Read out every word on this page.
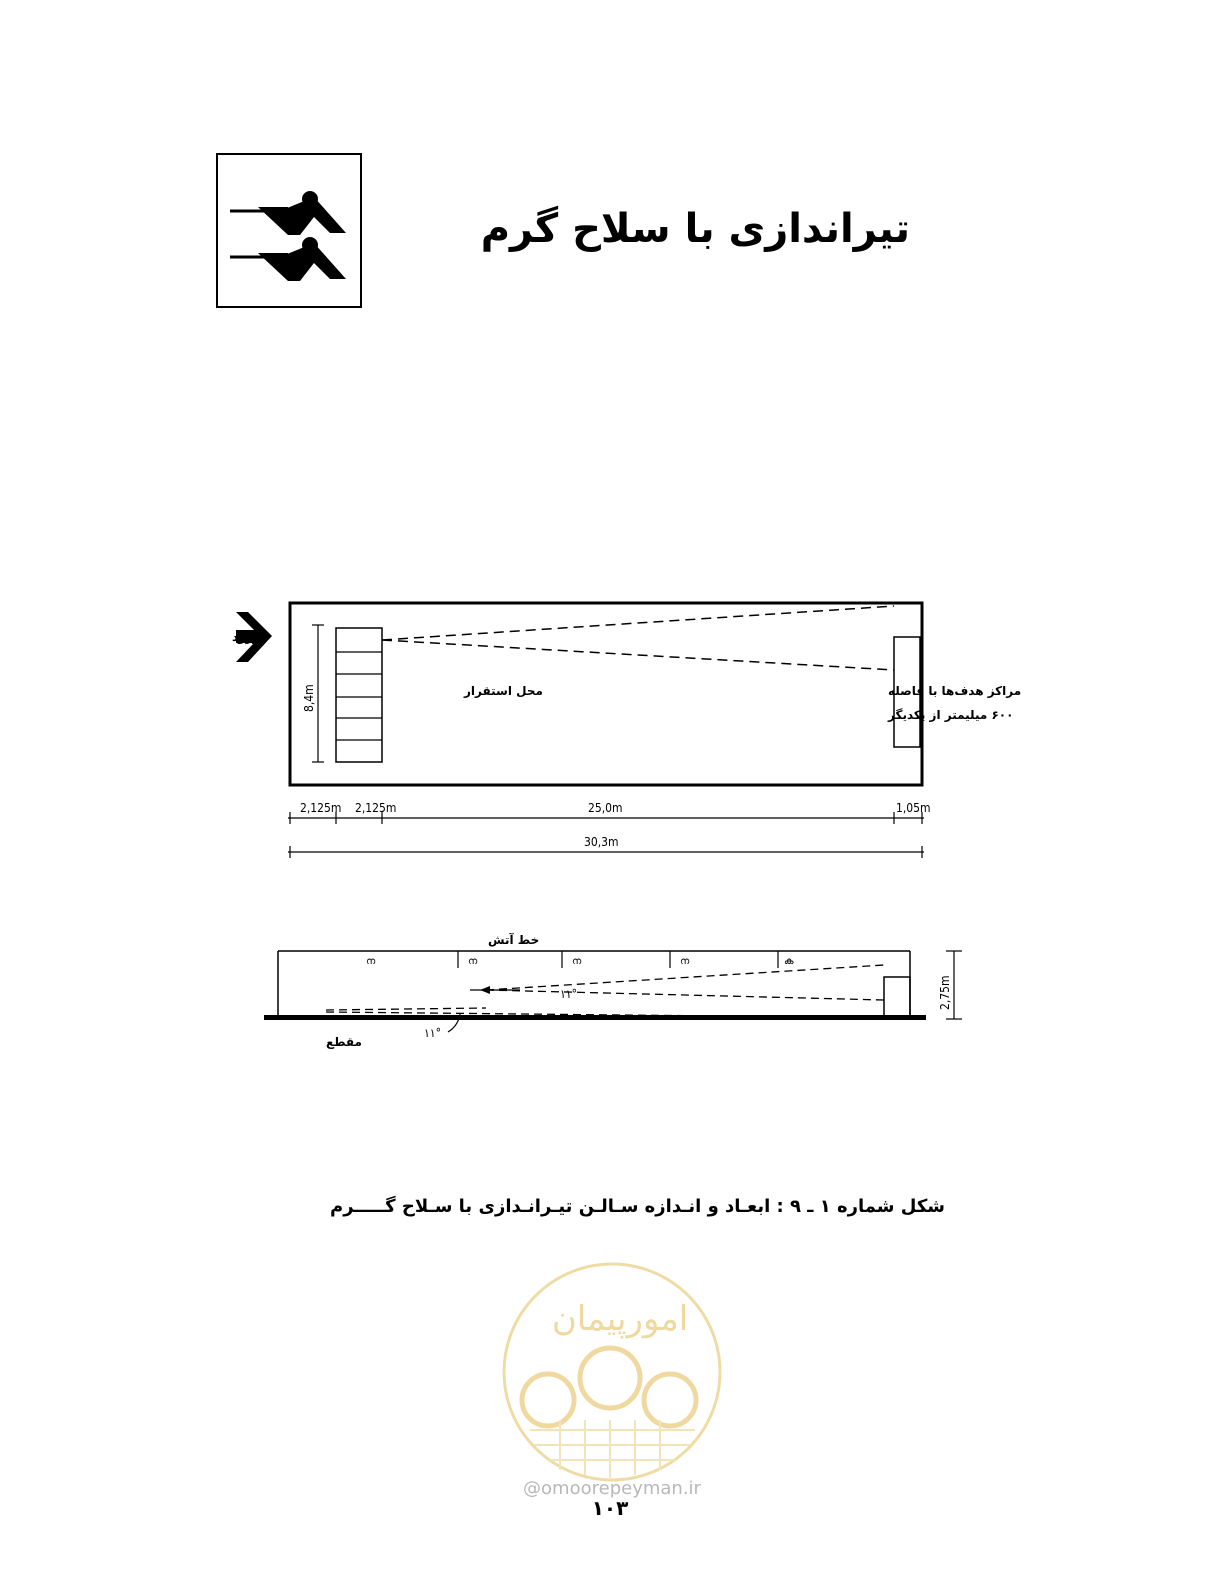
تیراندازی با سلاح گرم
ورود
8,4m	محل استقرار	مراکز هدف‌ها با فاصله
۶۰۰ میلیمتر از یکدیگر
2,125m 2,125m	25,0m	1,05m
30,3m
خط آتش
ന	ന	ന	ന	ക
۱۱°
۱۱°
مقطع
2,75m
شکل شماره ۱ ـ ۹ : ابعـاد و انـدازه سـالـن تیـرانـدازی با سـلاح گـــــرم
امورپیمان
@omoorepeyman.ir
۱۰۳
